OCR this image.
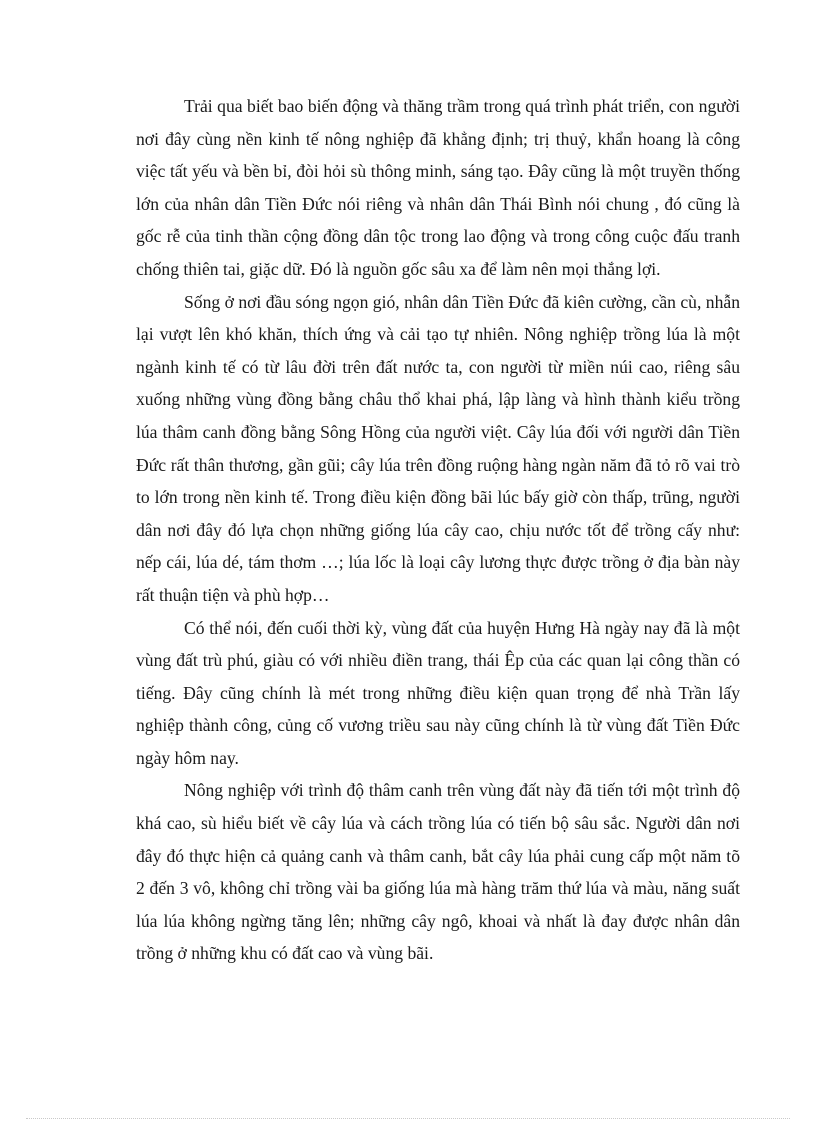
Trải qua biết bao biến động và thăng trầm trong quá trình phát triển, con người nơi đây cùng nền kinh tế nông nghiệp đã khẳng định; trị thuỷ, khẩn hoang là công việc tất yếu và bền bỉ, đòi hỏi sù thông minh, sáng tạo. Đây cũng là một truyền thống lớn của nhân dân Tiền Đức nói riêng và nhân dân Thái Bình nói chung , đó cũng là gốc rễ của tinh thần cộng đồng dân tộc trong lao động và trong công cuộc đấu tranh chống thiên tai, giặc dữ. Đó là nguồn gốc sâu xa để làm nên mọi thắng lợi.

Sống ở nơi đầu sóng ngọn gió, nhân dân Tiền Đức đã kiên cường, cần cù, nhẫn lại vượt lên khó khăn, thích ứng và cải tạo tự nhiên. Nông nghiệp trồng lúa là một ngành kinh tế có từ lâu đời trên đất nước ta, con người từ miền núi cao, riêng sâu xuống những vùng đồng bằng châu thổ khai phá, lập làng và hình thành kiểu trồng lúa thâm canh đồng bằng Sông Hồng của người việt. Cây lúa đối với người dân Tiền Đức rất thân thương, gần gũi; cây lúa trên đồng ruộng hàng ngàn năm đã tỏ rõ vai trò to lớn trong nền kinh tế. Trong điều kiện đồng bãi lúc bấy giờ còn thấp, trũng, người dân nơi đây đó lựa chọn những giống lúa cây cao, chịu nước tốt để trồng cấy như: nếp cái, lúa dé, tám thơm …; lúa lốc là loại cây lương thực được trồng ở địa bàn này rất thuận tiện và phù hợp…

Có thể nói, đến cuối thời kỳ, vùng đất của huyện Hưng Hà ngày nay đã là một vùng đất trù phú, giàu có với nhiều điền trang, thái Êp của các quan lại công thần có tiếng. Đây cũng chính là mét trong những điều kiện quan trọng để nhà Trần lấy nghiệp thành công, củng cố vương triều sau này cũng chính là từ vùng đất Tiền Đức ngày hôm nay.

Nông nghiệp với trình độ thâm canh trên vùng đất này đã tiến tới một trình độ khá cao, sù hiểu biết về cây lúa và cách trồng lúa có tiến bộ sâu sắc. Người dân nơi đây đó thực hiện cả quảng canh và thâm canh, bắt cây lúa phải cung cấp một năm tõ 2 đến 3 vô, không chỉ trồng vài ba giống lúa mà hàng trăm thứ lúa và màu, năng suất lúa lúa không ngừng tăng lên; những cây ngô, khoai và nhất là đay được nhân dân trồng ở những khu có đất cao và vùng bãi.
